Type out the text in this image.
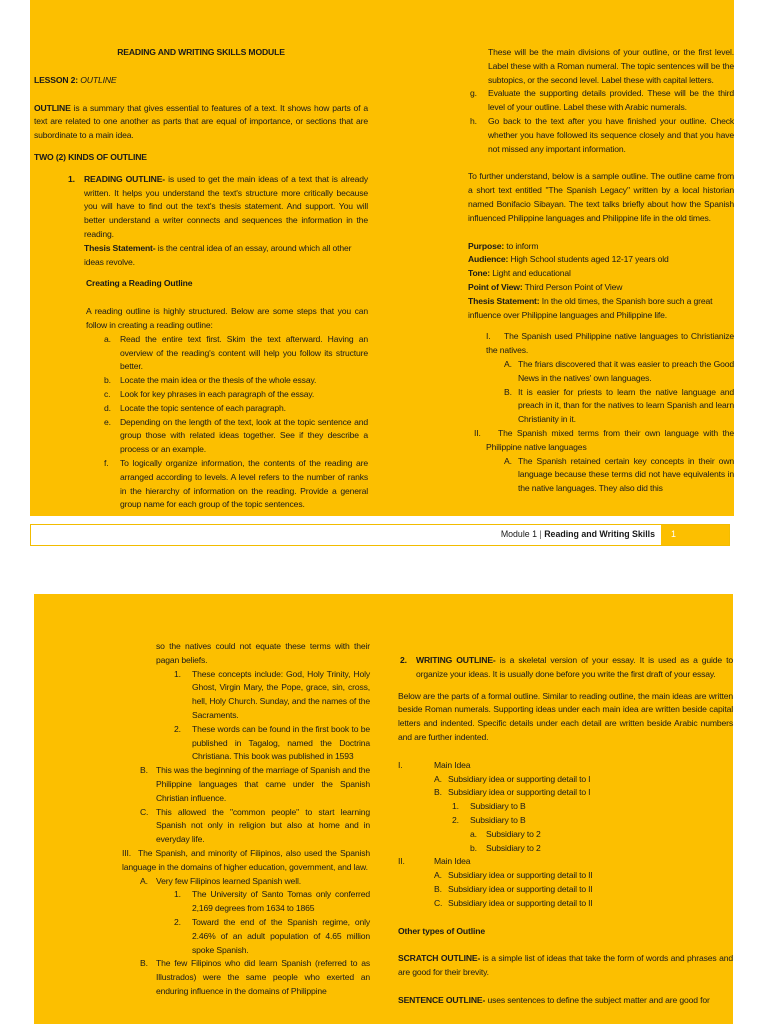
READING AND WRITING SKILLS MODULE

LESSON 2: OUTLINE

OUTLINE is a summary that gives essential to features of a text. It shows how parts of a text are related to one another as parts that are equal of importance, or sections that are subordinate to a main idea.

TWO (2) KINDS OF OUTLINE

1. READING OUTLINE- is used to get the main ideas of a text that is already written. It helps you understand the text's structure more critically because you will have to find out the text's thesis statement. And support. You will better understand a writer connects and sequences the information in the reading.

Thesis Statement- is the central idea of an essay, around which all other ideas revolve.

Creating a Reading Outline

A reading outline is highly structured. Below are some steps that you can follow in creating a reading outline:

a. Read the entire text first. Skim the text afterward. Having an overview of the reading's content will help you follow its structure better.
b. Locate the main idea or the thesis of the whole essay.
c. Look for key phrases in each paragraph of the essay.
d. Locate the topic sentence of each paragraph.
e. Depending on the length of the text, look at the topic sentence and group those with related ideas together. See if they describe a process or an example.
f. To logically organize information, the contents of the reading are arranged according to levels. A level refers to the number of ranks in the hierarchy of information on the reading. Provide a general group name for each group of the topic sentences.

These will be the main divisions of your outline, or the first level. Label these with a Roman numeral. The topic sentences will be the subtopics, or the second level. Label these with capital letters.

g. Evaluate the supporting details provided. These will be the third level of your outline. Label these with Arabic numerals.
h. Go back to the text after you have finished your outline. Check whether you have followed its sequence closely and that you have not missed any important information.

To further understand, below is a sample outline. The outline came from a short text entitled "The Spanish Legacy" written by a local historian named Bonifacio Sibayan. The text talks briefly about how the Spanish influenced Philippine languages and Philippine life in the old times.

Purpose: to inform

Audience: High School students aged 12-17 years old

Tone: Light and educational

Point of View: Third Person Point of View

Thesis Statement: In the old times, the Spanish bore such a great influence over Philippine languages and Philippine life.

I.	The Spanish used Philippine native languages to Christianize the natives.
A. The friars discovered that it was easier to preach the Good News in the natives' own languages.
B. It is easier for priests to learn the native language and preach in it, than for the natives to learn Spanish and learn Christianity in it.
II.	The Spanish mixed terms from their own language with the Philippine native languages
A. The Spanish retained certain key concepts in their own language because these terms did not have equivalents in the native languages. They also did this
Module 1 | Reading and Writing Skills 1

so the natives could not equate these terms with their pagan beliefs.

1. These concepts include: God, Holy Trinity, Holy Ghost, Virgin Mary, the Pope, grace, sin, cross, hell, Holy Church. Sunday, and the names of the Sacraments.
2. These words can be found in the first book to be published in Tagalog, named the Doctrina Christiana. This book was published in 1593
B. This was the beginning of the marriage of Spanish and the Philippine languages that came under the Spanish Christian influence.
C. This allowed the "common people" to start learning Spanish not only in religion but also at home and in everyday life.
III. The Spanish, and minority of Filipinos, also used the Spanish language in the domains of higher education, government, and law.
A. Very few Filipinos learned Spanish well.
1. The University of Santo Tomas only conferred 2,169 degrees from 1634 to 1865
2. Toward the end of the Spanish regime, only 2.46% of an adult population of 4.65 million spoke Spanish.
B. The few Filipinos who did learn Spanish (referred to as Illustrados) were the same people who exerted an enduring influence in the domains of Philippine
2. WRITING OUTLINE- is a skeletal version of your essay. It is used as a guide to organize your ideas. It is usually done before you write the first draft of your essay.

Below are the parts of a formal outline. Similar to reading outline, the main ideas are written beside Roman numerals. Supporting ideas under each main idea are written beside capital letters and indented. Specific details under each detail are written beside Arabic numbers and are further indented.

I.	Main Idea
A. Subsidiary idea or supporting detail to I
B. Subsidiary idea or supporting detail to I
1. Subsidiary to B
2. Subsidiary to B
a. Subsidiary to 2
b. Subsidiary to 2
II.	Main Idea
A. Subsidiary idea or supporting detail to II
B. Subsidiary idea or supporting detail to II
C. Subsidiary idea or supporting detail to II

Other types of Outline

SCRATCH OUTLINE- is a simple list of ideas that take the form of words and phrases and are good for their brevity.

SENTENCE OUTLINE- uses sentences to define the subject matter and are good for
